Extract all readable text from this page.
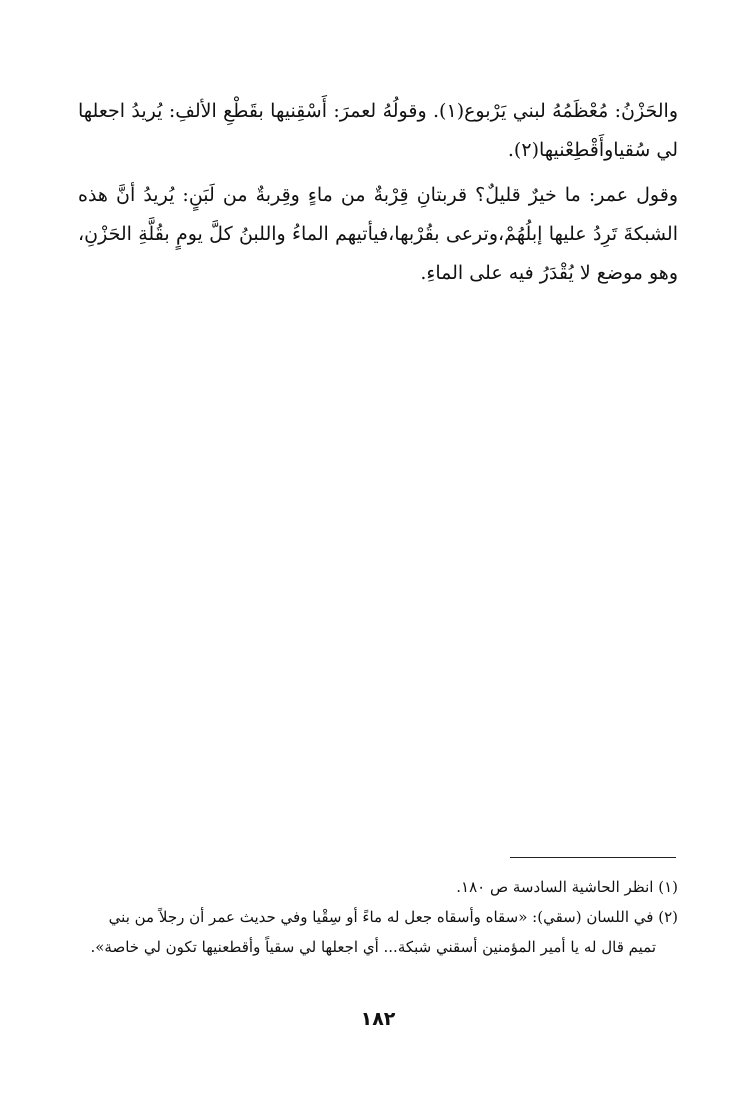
والحَزْنُ: مُعْظَمُهُ لبني يَرْبوع(١). وقولُهُ لعمرَ: أَسْقِنيها بقَطْعِ الألفِ: يُريدُ اجعلها لي سُقياوأَقْطِعْنيها(٢).

وقول عمر: ما خيرٌ قليلٌ؟ قربتانِ قِرْبةٌ من ماءٍ وقِربةٌ من لَبَنٍ: يُريدُ أنَّ هذه الشبكةَ تَرِدُ عليها إبلُهُمْ،وترعى بقُرْبها،فيأتيهم الماءُ واللبنُ كلَّ يومٍ بقُلَّةِ الحَزْنِ، وهو موضع لا يُقْدَرُ فيه على الماءِ.

(١) انظر الحاشية السادسة ص ١٨٠.

(٢) في اللسان (سقي): «سقاه وأسقاه جعل له ماءً أو سِقْيا وفي حديث عمر أن رجلاً من بني

تميم قال له يا أمير المؤمنين أسقني شبكة... أي اجعلها لي سقياً وأقطعنيها تكون لي خاصة».

١٨٢
